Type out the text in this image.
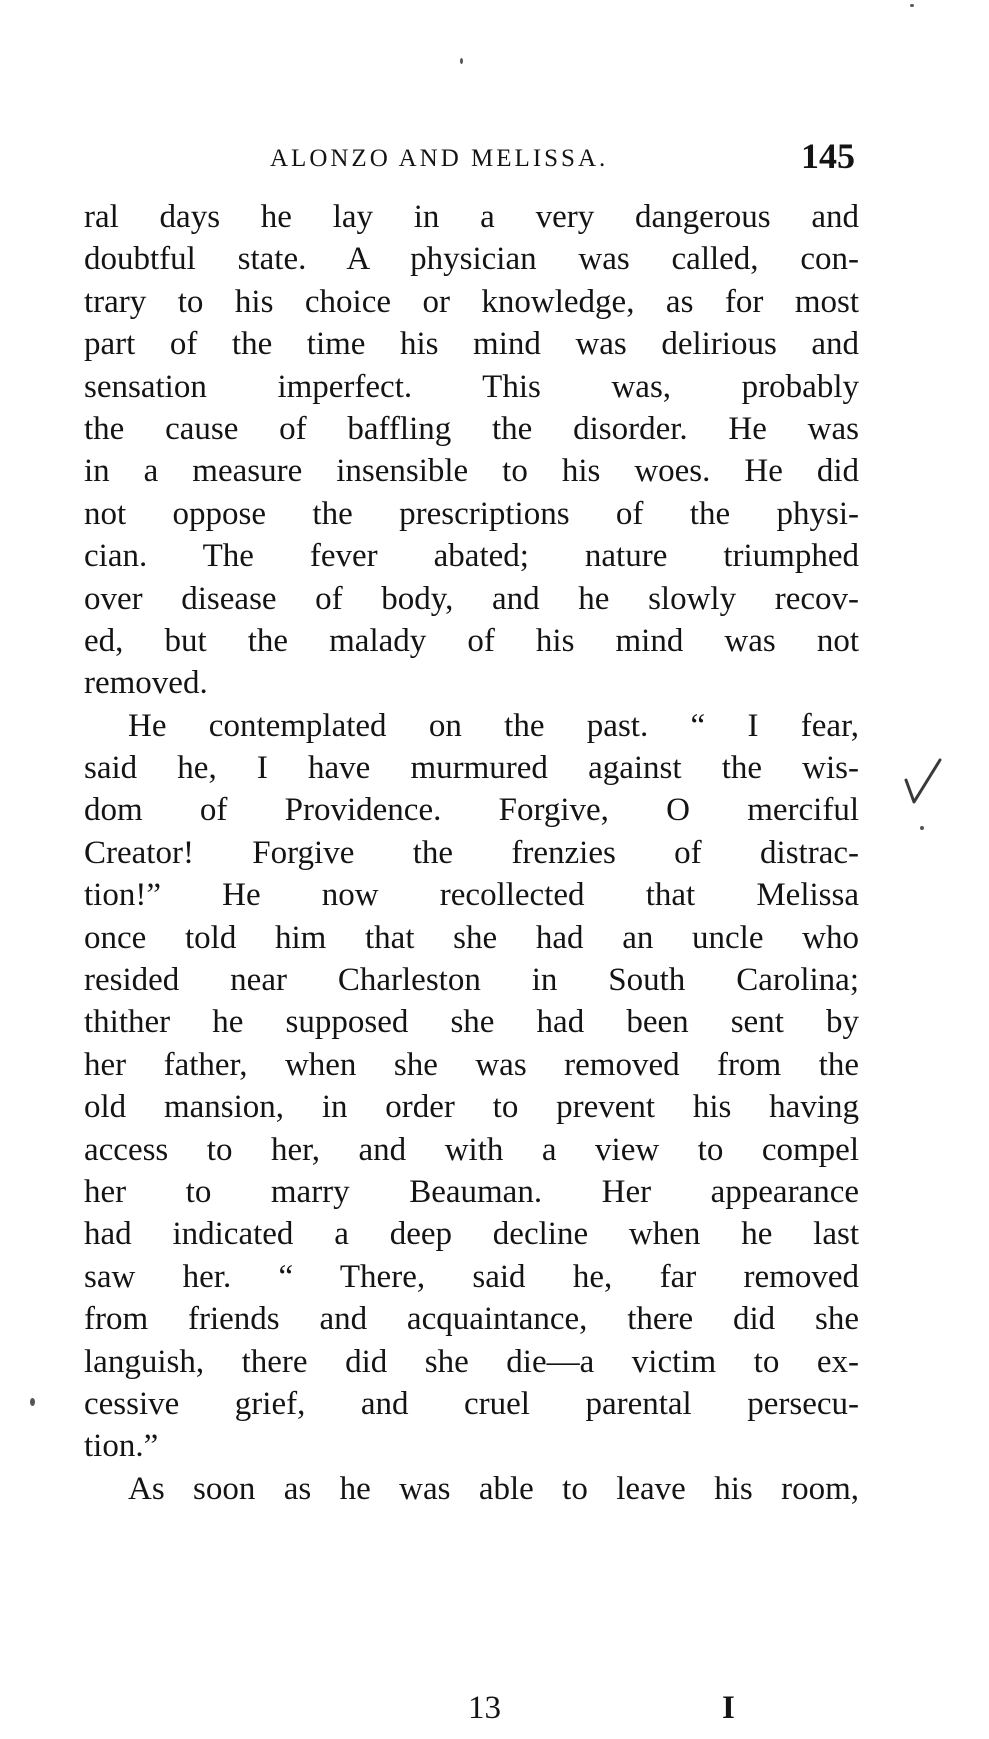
ALONZO AND MELISSA.	145
ral days he lay in a very dangerous and
doubtful state. A physician was called, con-
trary to his choice or knowledge, as for most
part of the time his mind was delirious and
sensation imperfect. This was, probably
the cause of baffling the disorder. He was
in a measure insensible to his woes. He did
not oppose the prescriptions of the physi-
cian. The fever abated; nature triumphed
over disease of body, and he slowly recov-
ed, but the malady of his mind was not
removed.
He contemplated on the past. “ I fear,
said he, I have murmured against the wis-
dom of Providence. Forgive, O merciful
Creator! Forgive the frenzies of distrac-
tion!” He now recollected that Melissa
once told him that she had an uncle who
resided near Charleston in South Carolina;
thither he supposed she had been sent by
her father, when she was removed from the
old mansion, in order to prevent his having
access to her, and with a view to compel
her to marry Beauman. Her appearance
had indicated a deep decline when he last
saw her. “ There, said he, far removed
from friends and acquaintance, there did she
languish, there did she die—a victim to ex-
cessive grief, and cruel parental persecu-
tion.”
As soon as he was able to leave his room,
13	I
